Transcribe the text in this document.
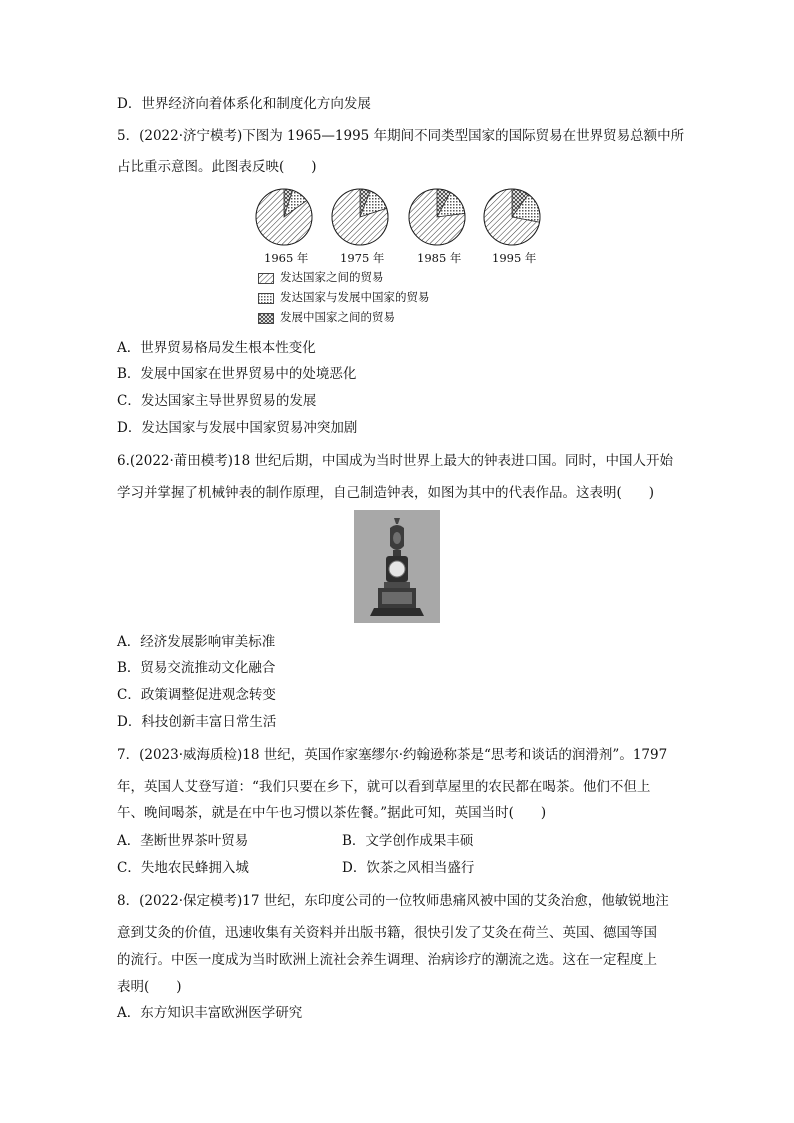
D．世界经济向着体系化和制度化方向发展
5．(2022·济宁模考)下图为 1965—1995 年期间不同类型国家的国际贸易在世界贸易总额中所
占比重示意图。此图表反映(　　)
1965 年	1975 年	1985 年	1995 年
发达国家之间的贸易
发达国家与发展中国家的贸易
发展中国家之间的贸易
A．世界贸易格局发生根本性变化
B．发展中国家在世界贸易中的处境恶化
C．发达国家主导世界贸易的发展
D．发达国家与发展中国家贸易冲突加剧
6.(2022·莆田模考)18 世纪后期，中国成为当时世界上最大的钟表进口国。同时，中国人开始
学习并掌握了机械钟表的制作原理，自己制造钟表，如图为其中的代表作品。这表明(　　)
A．经济发展影响审美标准
B．贸易交流推动文化融合
C．政策调整促进观念转变
D．科技创新丰富日常生活
7．(2023·威海质检)18 世纪，英国作家塞缪尔·约翰逊称茶是“思考和谈话的润滑剂”。1797
年，英国人艾登写道：“我们只要在乡下，就可以看到草屋里的农民都在喝茶。他们不但上
午、晚间喝茶，就是在中午也习惯以茶佐餐。”据此可知，英国当时(　　)
A．垄断世界茶叶贸易	B．文学创作成果丰硕
C．失地农民蜂拥入城	D．饮茶之风相当盛行
8．(2022·保定模考)17 世纪，东印度公司的一位牧师患痛风被中国的艾灸治愈，他敏锐地注
意到艾灸的价值，迅速收集有关资料并出版书籍，很快引发了艾灸在荷兰、英国、德国等国
的流行。中医一度成为当时欧洲上流社会养生调理、治病诊疗的潮流之选。这在一定程度上
表明(　　)
A．东方知识丰富欧洲医学研究
